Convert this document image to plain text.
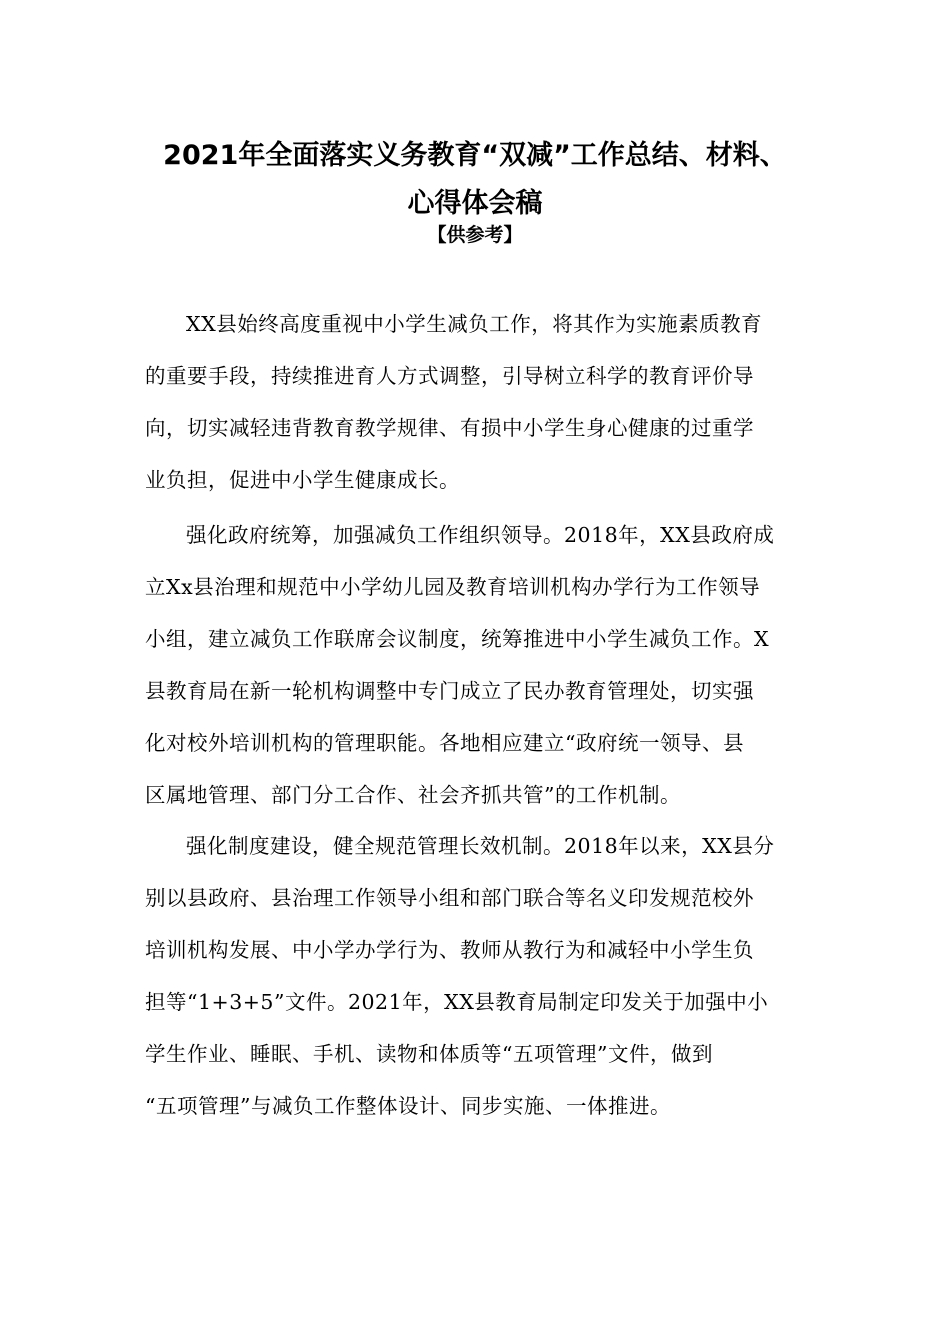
2021年全面落实义务教育“双减”工作总结、材料、
心得体会稿
【供参考】
XX县始终高度重视中小学生减负工作，将其作为实施素质教育
的重要手段，持续推进育人方式调整，引导树立科学的教育评价导
向，切实减轻违背教育教学规律、有损中小学生身心健康的过重学
业负担，促进中小学生健康成长。
强化政府统筹，加强减负工作组织领导。2018年，XX县政府成
立Xx县治理和规范中小学幼儿园及教育培训机构办学行为工作领导
小组，建立减负工作联席会议制度，统筹推进中小学生减负工作。X
县教育局在新一轮机构调整中专门成立了民办教育管理处，切实强
化对校外培训机构的管理职能。各地相应建立“政府统一领导、县
区属地管理、部门分工合作、社会齐抓共管”的工作机制。
强化制度建设，健全规范管理长效机制。2018年以来，XX县分
别以县政府、县治理工作领导小组和部门联合等名义印发规范校外
培训机构发展、中小学办学行为、教师从教行为和减轻中小学生负
担等“1+3+5”文件。2021年，XX县教育局制定印发关于加强中小
学生作业、睡眠、手机、读物和体质等“五项管理”文件，做到
“五项管理”与减负工作整体设计、同步实施、一体推进。
